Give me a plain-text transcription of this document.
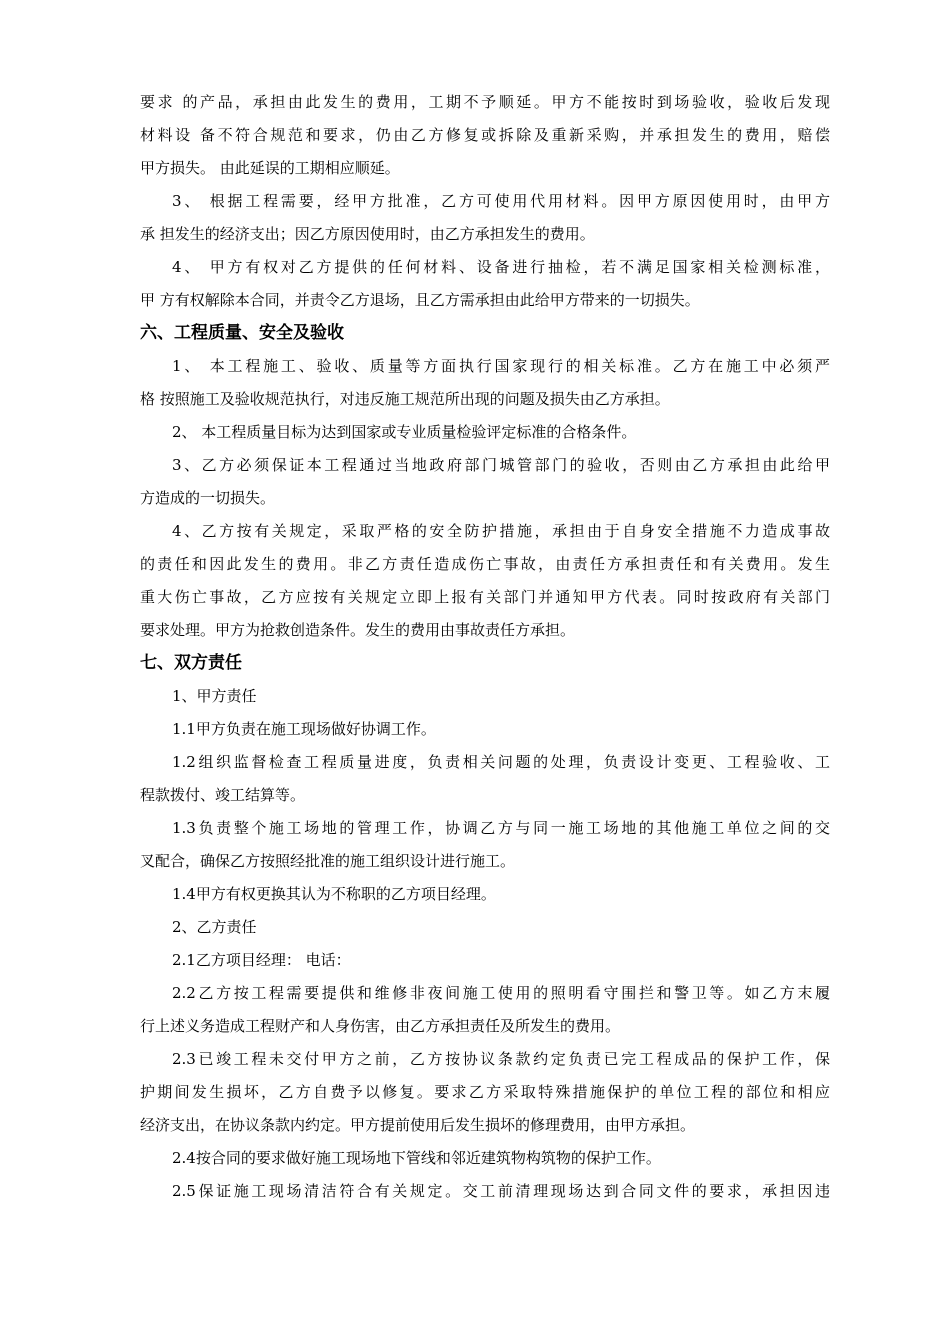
要求 的产品，承担由此发生的费用，工期不予顺延。甲方不能按时到场验收，验收后发现
材料设 备不符合规范和要求，仍由乙方修复或拆除及重新采购，并承担发生的费用，赔偿
甲方损失。 由此延误的工期相应顺延。
3、 根据工程需要，经甲方批准，乙方可使用代用材料。因甲方原因使用时，由甲方
承 担发生的经济支出；因乙方原因使用时，由乙方承担发生的费用。
4、 甲方有权对乙方提供的任何材料、设备进行抽检，若不满足国家相关检测标准，
甲 方有权解除本合同，并责令乙方退场，且乙方需承担由此给甲方带来的一切损失。
六、工程质量、安全及验收
1、 本工程施工、验收、质量等方面执行国家现行的相关标准。乙方在施工中必须严
格 按照施工及验收规范执行，对违反施工规范所出现的问题及损失由乙方承担。
2、 本工程质量目标为达到国家或专业质量检验评定标准的合格条件。
3、乙方必须保证本工程通过当地政府部门城管部门的验收，否则由乙方承担由此给甲
方造成的一切损失。
4、乙方按有关规定，采取严格的安全防护措施，承担由于自身安全措施不力造成事故
的责任和因此发生的费用。非乙方责任造成伤亡事故，由责任方承担责任和有关费用。发生
重大伤亡事故，乙方应按有关规定立即上报有关部门并通知甲方代表。同时按政府有关部门
要求处理。甲方为抢救创造条件。发生的费用由事故责任方承担。
七、双方责任
1、甲方责任
1.1甲方负责在施工现场做好协调工作。
1.2组织监督检查工程质量进度，负责相关问题的处理，负责设计变更、工程验收、工
程款拨付、竣工结算等。
1.3负责整个施工场地的管理工作，协调乙方与同一施工场地的其他施工单位之间的交
叉配合，确保乙方按照经批准的施工组织设计进行施工。
1.4甲方有权更换其认为不称职的乙方项目经理。
2、乙方责任
2.1乙方项目经理： 电话：
2.2乙方按工程需要提供和维修非夜间施工使用的照明看守围拦和警卫等。如乙方末履
行上述义务造成工程财产和人身伤害，由乙方承担责任及所发生的费用。
2.3已竣工程未交付甲方之前，乙方按协议条款约定负责已完工程成品的保护工作，保
护期间发生损坏，乙方自费予以修复。要求乙方采取特殊措施保护的单位工程的部位和相应
经济支出，在协议条款内约定。甲方提前使用后发生损坏的修理费用，由甲方承担。
2.4按合同的要求做好施工现场地下管线和邻近建筑物构筑物的保护工作。
2.5保证施工现场清洁符合有关规定。交工前清理现场达到合同文件的要求，承担因违
